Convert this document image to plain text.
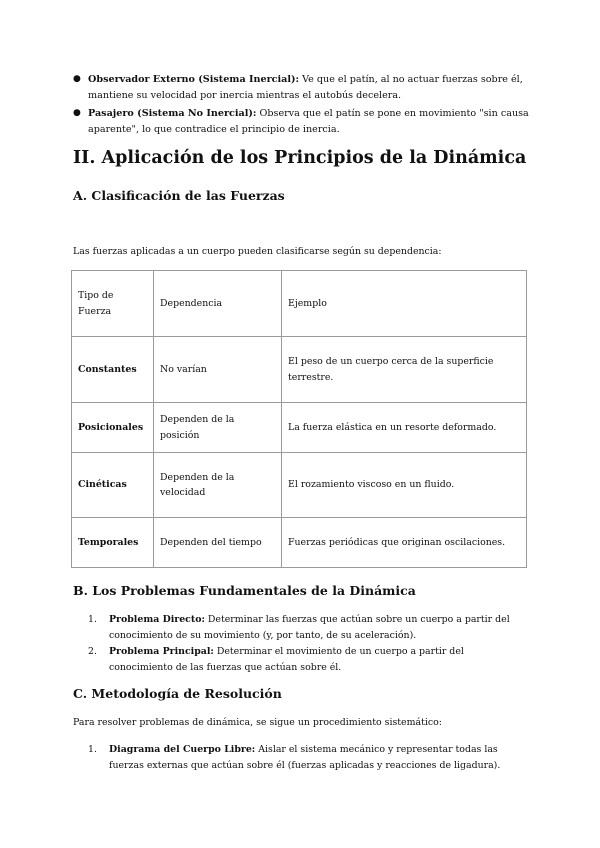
● Observador Externo (Sistema Inercial): Ve que el patín, al no actuar fuerzas sobre él, mantiene su velocidad por inercia mientras el autobús decelera.
● Pasajero (Sistema No Inercial): Observa que el patín se pone en movimiento "sin causa aparente", lo que contradice el principio de inercia.
II. Aplicación de los Principios de la Dinámica
A. Clasificación de las Fuerzas

Las fuerzas aplicadas a un cuerpo pueden clasificarse según su dependencia:

Tipo de Fuerza	Dependencia	Ejemplo
Constantes	No varían	El peso de un cuerpo cerca de la superficie terrestre.
Posicionales	Dependen de la posición	La fuerza elástica en un resorte deformado.
Cinéticas	Dependen de la velocidad	El rozamiento viscoso en un fluido.
Temporales	Dependen del tiempo	Fuerzas periódicas que originan oscilaciones.
B. Los Problemas Fundamentales de la Dinámica
1. Problema Directo: Determinar las fuerzas que actúan sobre un cuerpo a partir del conocimiento de su movimiento (y, por tanto, de su aceleración).
2. Problema Principal: Determinar el movimiento de un cuerpo a partir del conocimiento de las fuerzas que actúan sobre él.
C. Metodología de Resolución

Para resolver problemas de dinámica, se sigue un procedimiento sistemático:

1. Diagrama del Cuerpo Libre: Aislar el sistema mecánico y representar todas las fuerzas externas que actúan sobre él (fuerzas aplicadas y reacciones de ligadura).
